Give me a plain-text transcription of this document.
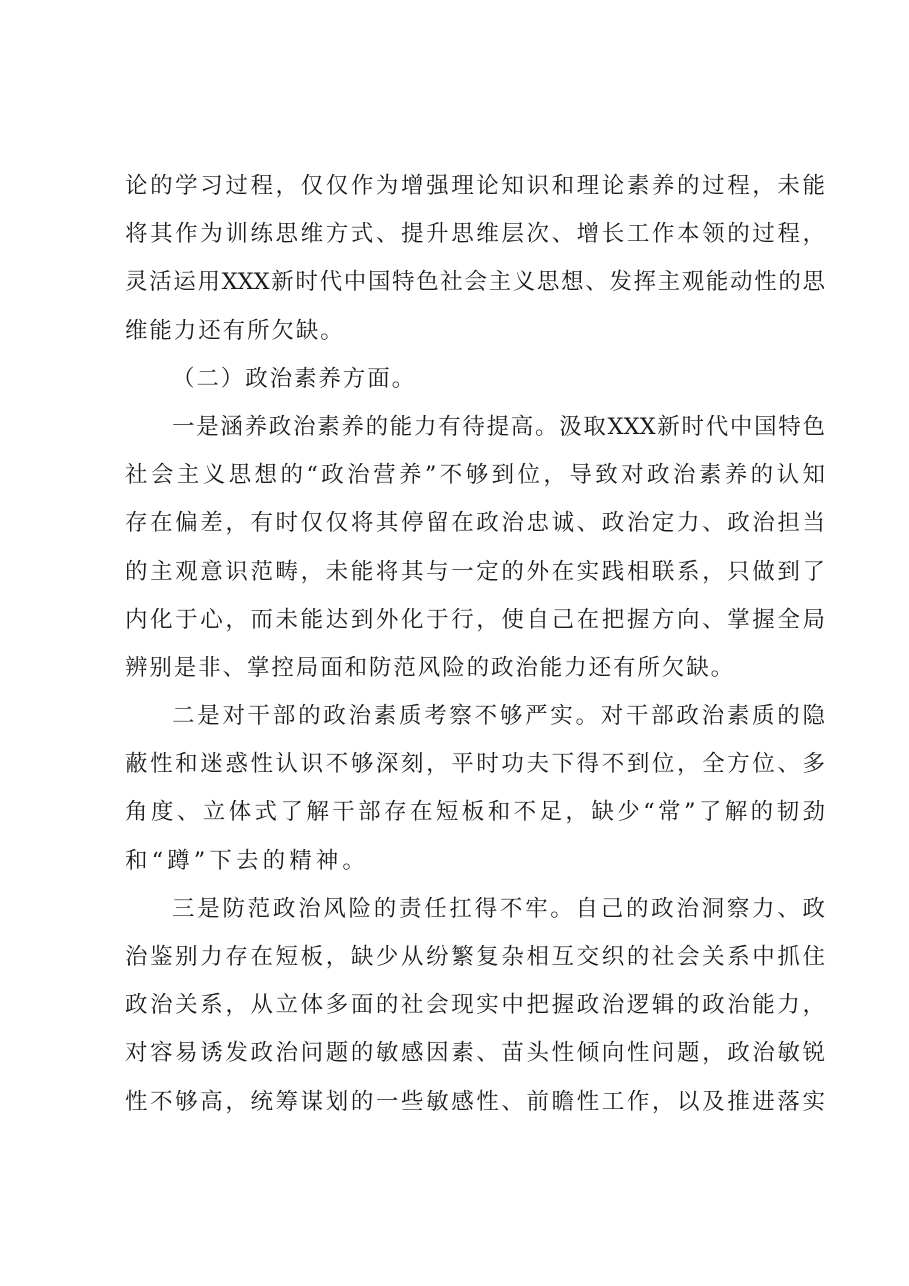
论的学习过程，仅仅作为增强理论知识和理论素养的过程，未能
将其作为训练思维方式、提升思维层次、增长工作本领的过程，
灵活运用XXX新时代中国特色社会主义思想、发挥主观能动性的思
维能力还有所欠缺。
（二）政治素养方面。
一是涵养政治素养的能力有待提高。汲取XXX新时代中国特色
社会主义思想的“政治营养”不够到位，导致对政治素养的认知
存在偏差，有时仅仅将其停留在政治忠诚、政治定力、政治担当
的主观意识范畴，未能将其与一定的外在实践相联系，只做到了
内化于心，而未能达到外化于行，使自己在把握方向、掌握全局
辨别是非、掌控局面和防范风险的政治能力还有所欠缺。
二是对干部的政治素质考察不够严实。对干部政治素质的隐
蔽性和迷惑性认识不够深刻，平时功夫下得不到位，全方位、多
角度、立体式了解干部存在短板和不足，缺少“常”了解的韧劲
和“蹲”下去的精神。
三是防范政治风险的责任扛得不牢。自己的政治洞察力、政
治鉴别力存在短板，缺少从纷繁复杂相互交织的社会关系中抓住
政治关系，从立体多面的社会现实中把握政治逻辑的政治能力，
对容易诱发政治问题的敏感因素、苗头性倾向性问题，政治敏锐
性不够高，统筹谋划的一些敏感性、前瞻性工作，以及推进落实
